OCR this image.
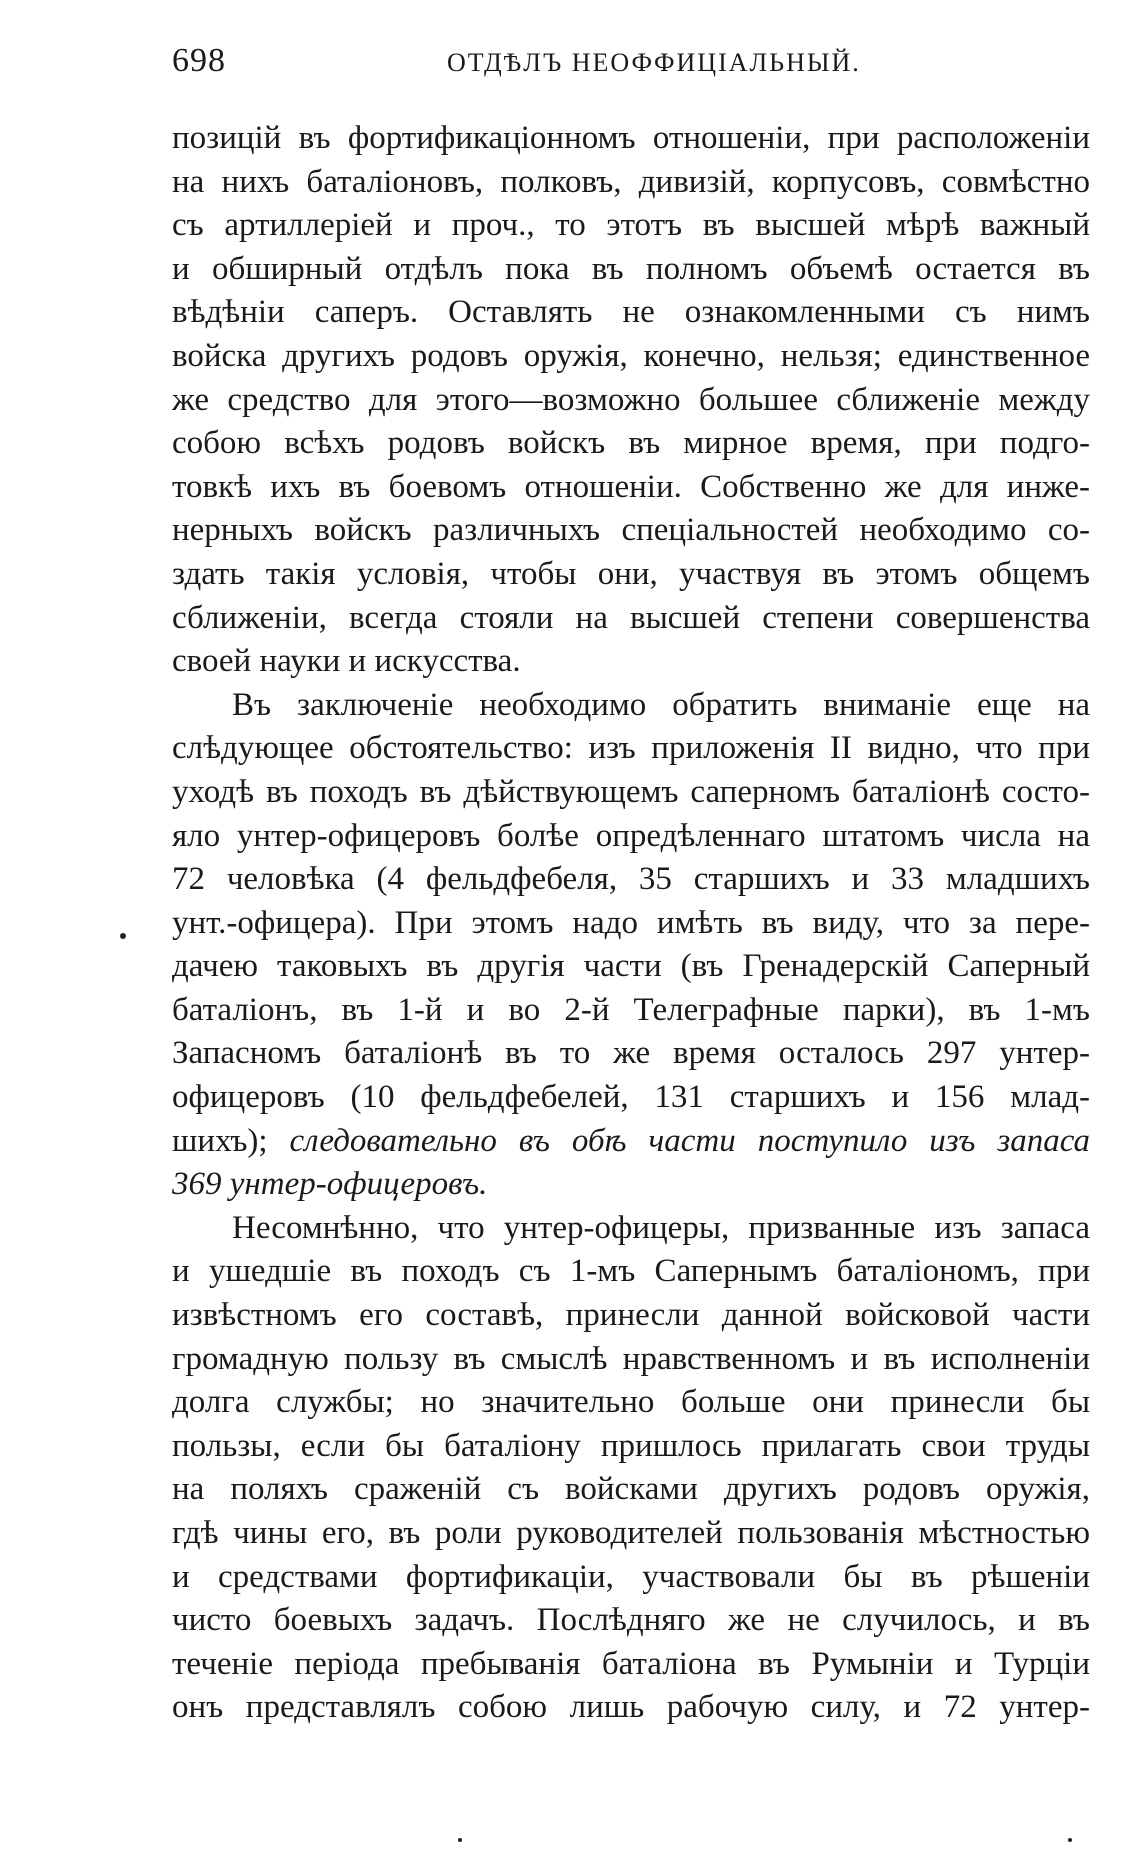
698	ОТДѢЛЪ НЕОФФИЦІАЛЬНЫЙ.
позицій въ фортификаціонномъ отношеніи, при расположеніи
на нихъ баталіоновъ, полковъ, дивизій, корпусовъ, совмѣстно
съ артиллеріей и проч., то этотъ въ высшей мѣрѣ важный
и обширный отдѣлъ пока въ полномъ объемѣ остается въ
вѣдѣніи саперъ. Оставлять не ознакомленными съ нимъ
войска другихъ родовъ оружія, конечно, нельзя; единственное
же средство для этого—возможно большее сближеніе между
собою всѣхъ родовъ войскъ въ мирное время, при подго-
товкѣ ихъ въ боевомъ отношеніи. Собственно же для инже-
нерныхъ войскъ различныхъ спеціальностей необходимо со-
здать такія условія, чтобы они, участвуя въ этомъ общемъ
сближеніи, всегда стояли на высшей степени совершенства
своей науки и искусства.
Въ заключеніе необходимо обратить вниманіе еще на
слѣдующее обстоятельство: изъ приложенія II видно, что при
уходѣ въ походъ въ дѣйствующемъ саперномъ баталіонѣ состо-
яло унтер-офицеровъ болѣе опредѣленнаго штатомъ числа на
72 человѣка (4 фельдфебеля, 35 старшихъ и 33 младшихъ
унт.-офицера). При этомъ надо имѣть въ виду, что за пере-
дачею таковыхъ въ другія части (въ Гренадерскій Саперный
баталіонъ, въ 1-й и во 2-й Телеграфные парки), въ 1-мъ
Запасномъ баталіонѣ въ то же время осталось 297 унтер-
офицеровъ (10 фельдфебелей, 131 старшихъ и 156 млад-
шихъ); следовательно въ обѣ части поступило изъ запаса
369 унтер-офицеровъ.
Несомнѣнно, что унтер-офицеры, призванные изъ запаса
и ушедшіе въ походъ съ 1-мъ Сапернымъ баталіономъ, при
извѣстномъ его составѣ, принесли данной войсковой части
громадную пользу въ смыслѣ нравственномъ и въ исполненіи
долга службы; но значительно больше они принесли бы
пользы, если бы баталіону пришлось прилагать свои труды
на поляхъ сраженій съ войсками другихъ родовъ оружія,
гдѣ чины его, въ роли руководителей пользованія мѣстностью
и средствами фортификаціи, участвовали бы въ рѣшеніи
чисто боевыхъ задачъ. Послѣдняго же не случилось, и въ
теченіе періода пребыванія баталіона въ Румыніи и Турціи
онъ представлялъ собою лишь рабочую силу, и 72 унтер-
